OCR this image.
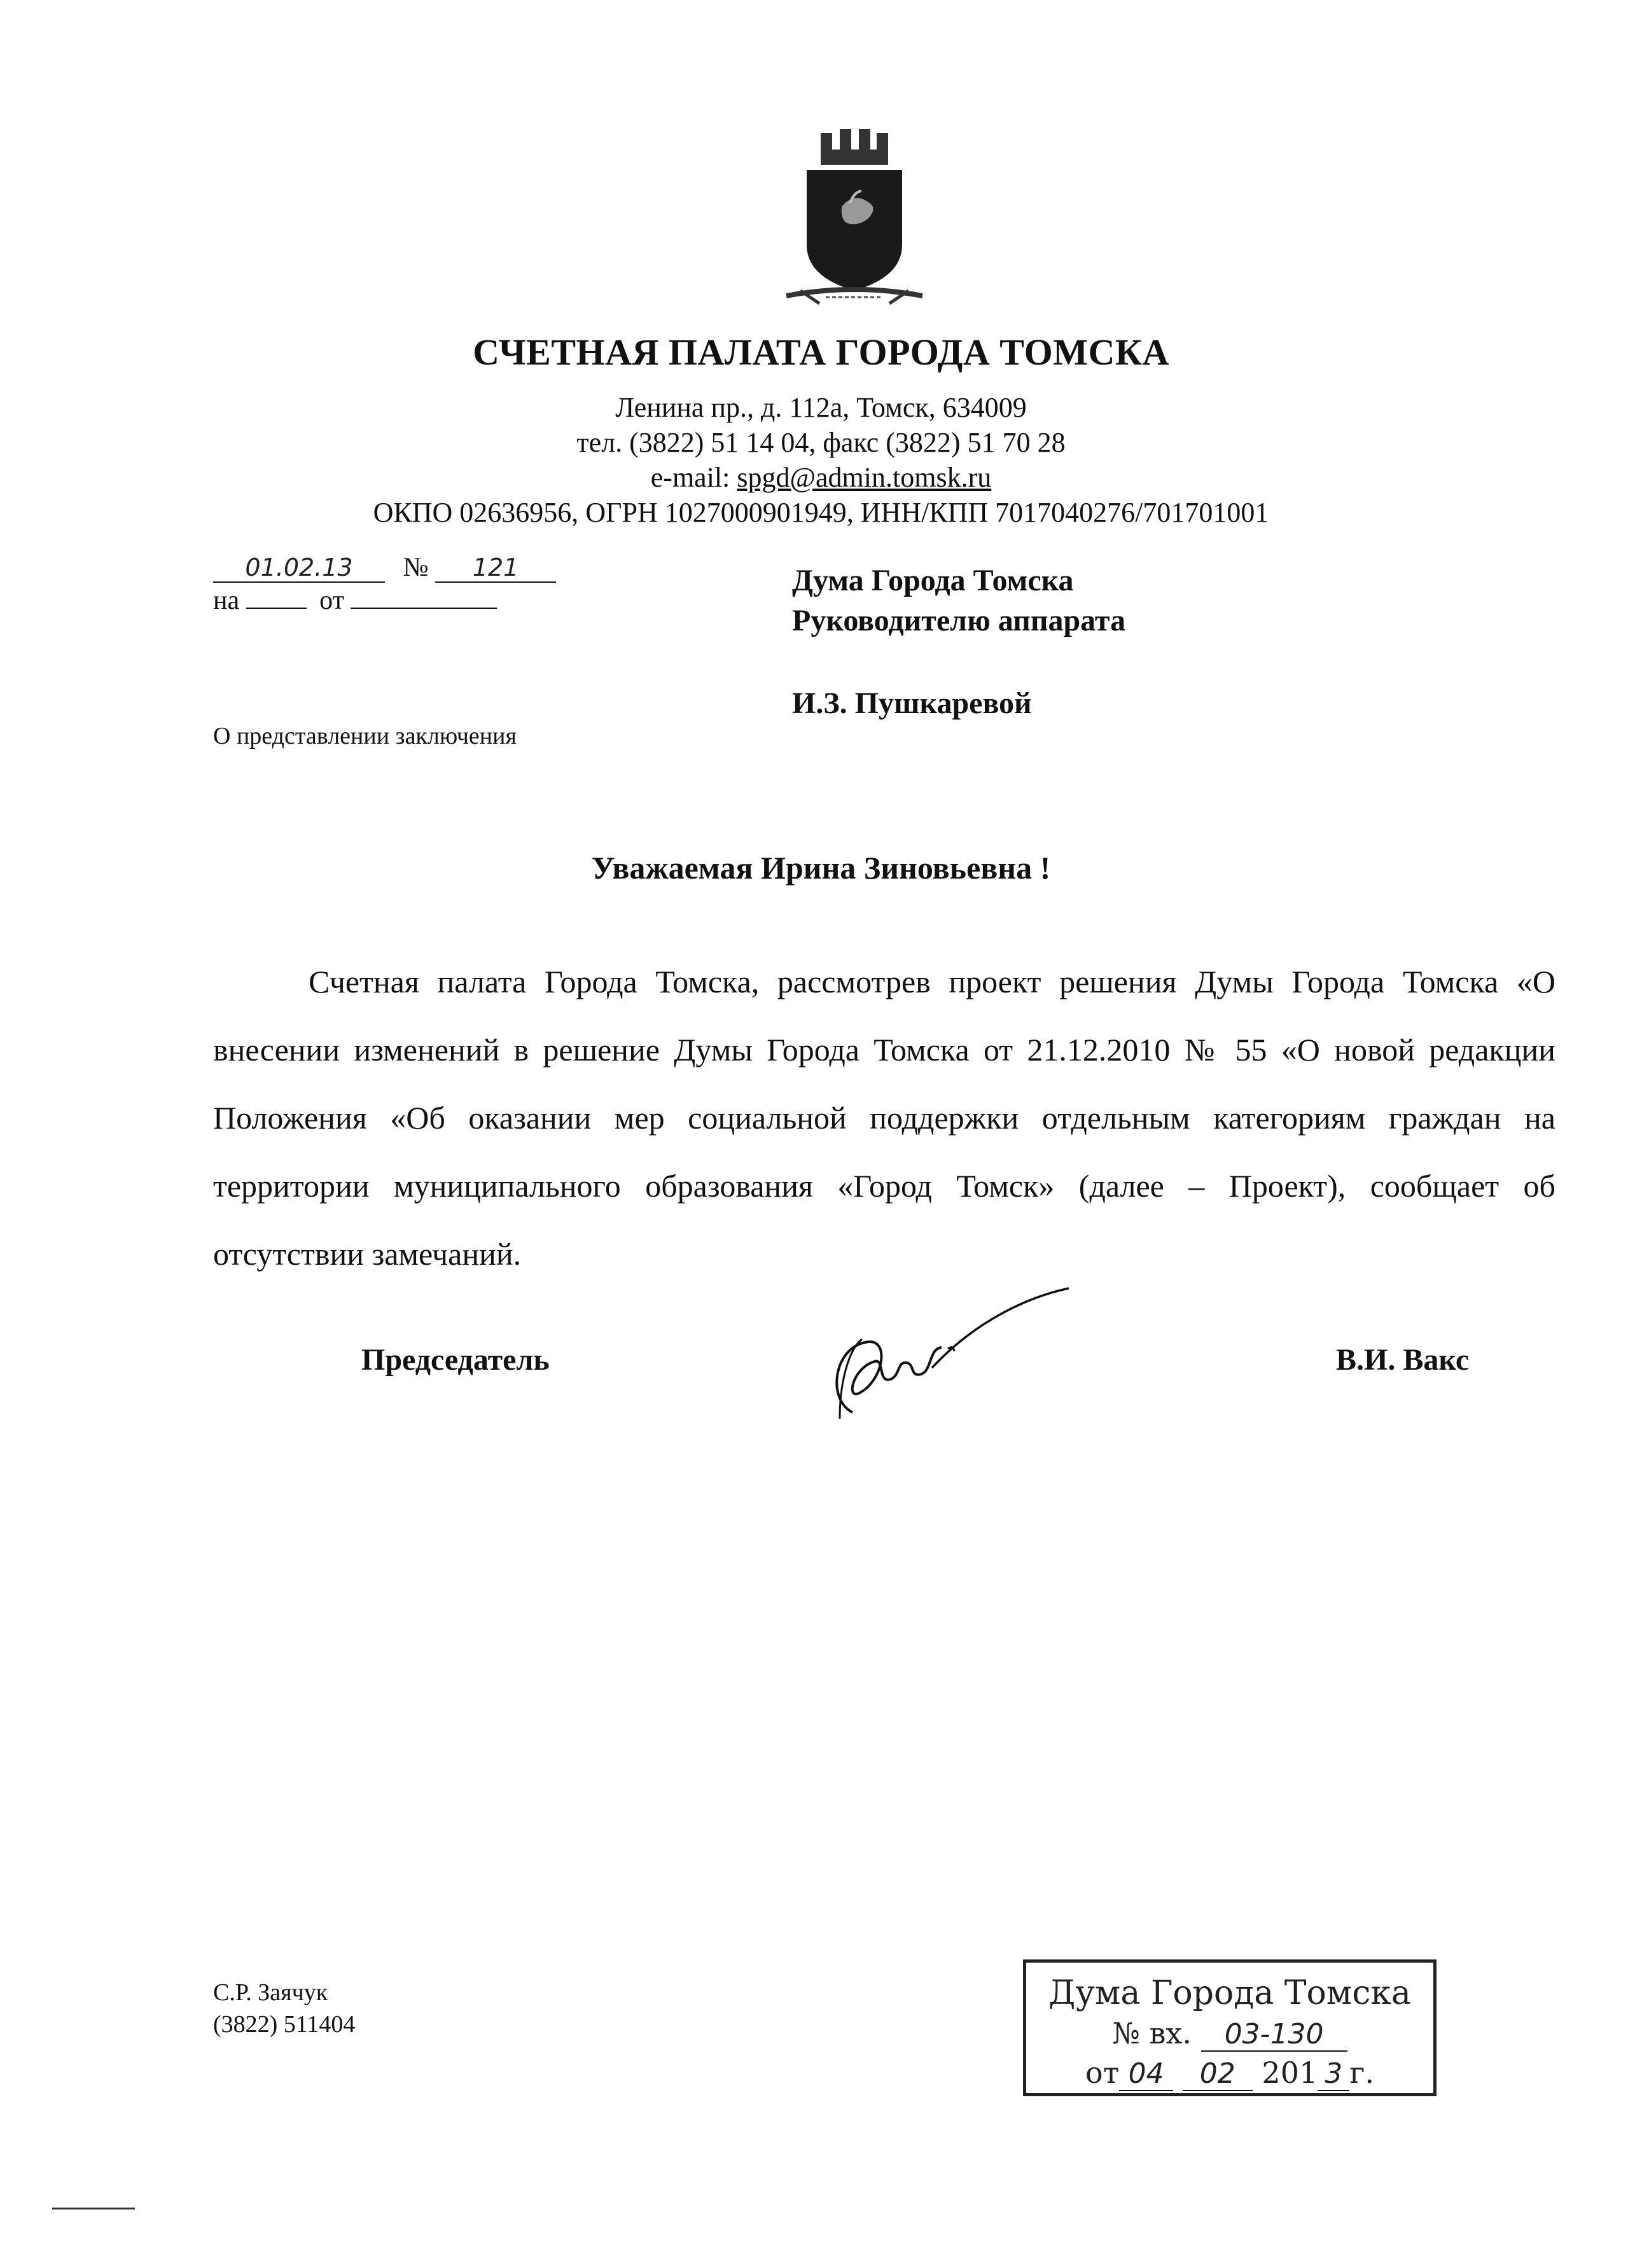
СЧЕТНАЯ ПАЛАТА ГОРОДА ТОМСКА
Ленина пр., д. 112а, Томск, 634009
тел. (3822) 51 14 04, факс (3822) 51 70 28
e-mail: spgd@admin.tomsk.ru
ОКПО 02636956, ОГРН 1027000901949, ИНН/КПП 7017040276/701701001
01.02.13 № 121
на	от
Дума Города Томска
Руководителю аппарата
И.З. Пушкаревой
О представлении заключения
Уважаемая Ирина Зиновьевна !
Счетная палата Города Томска, рассмотрев проект решения Думы Города Томска «О внесении изменений в решение Думы Города Томска от 21.12.2010 № 55 «О новой редакции Положения «Об оказании мер социальной поддержки отдельным категориям граждан на территории муниципального образования «Город Томск» (далее – Проект), сообщает об отсутствии замечаний.
Председатель	В.И. Вакс
С.Р. Заячук
(3822) 511404
Дума Города Томска
№ вх. 03-130
от 04 02 201 3 г.
